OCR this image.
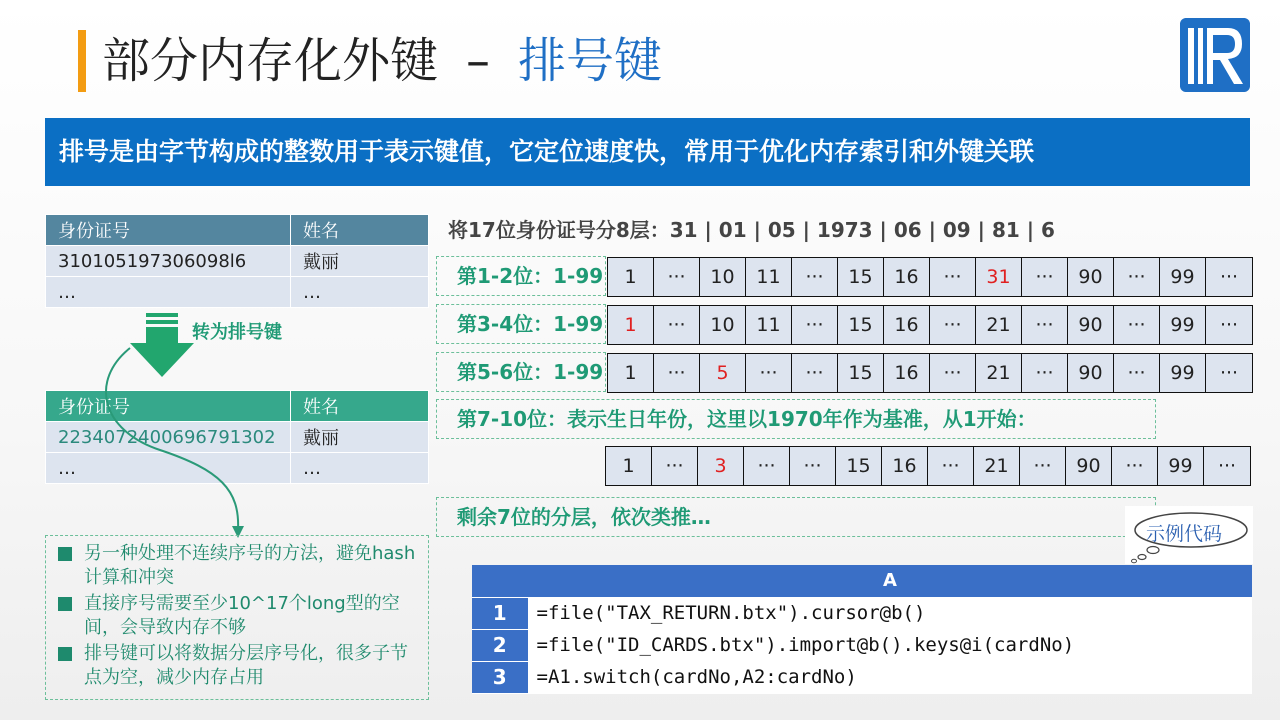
部分内存化外键 – 排号键
排号是由字节构成的整数用于表示键值，它定位速度快，常用于优化内存索引和外键关联
身份证号	姓名
310105197306098l6	戴丽
…	…
转为排号键
身份证号	姓名
2234072400696791302	戴丽
…	…
另一种处理不连续序号的方法，避免hash计算和冲突
直接序号需要至少10^17个long型的空间，会导致内存不够
排号键可以将数据分层序号化，很多子节点为空，减少内存占用
将17位身份证号分8层：31 | 01 | 05 | 1973 | 06 | 09 | 81 | 6
第1-2位：1-99	1	···	10	11	···	15	16	···	31	···	90	···	99	···
第3-4位：1-99	1	···	10	11	···	15	16	···	21	···	90	···	99	···
第5-6位：1-99	1	···	5	···	···	15	16	···	21	···	90	···	99	···
第7-10位：表示生日年份，这里以1970年作为基准，从1开始：
1	···	3	···	···	15	16	···	21	···	90	···	99	···
剩余7位的分层，依次类推…
示例代码
	A
1	=file("TAX_RETURN.btx").cursor@b()
2	=file("ID_CARDS.btx").import@b().keys@i(cardNo)
3	=A1.switch(cardNo,A2:cardNo)
